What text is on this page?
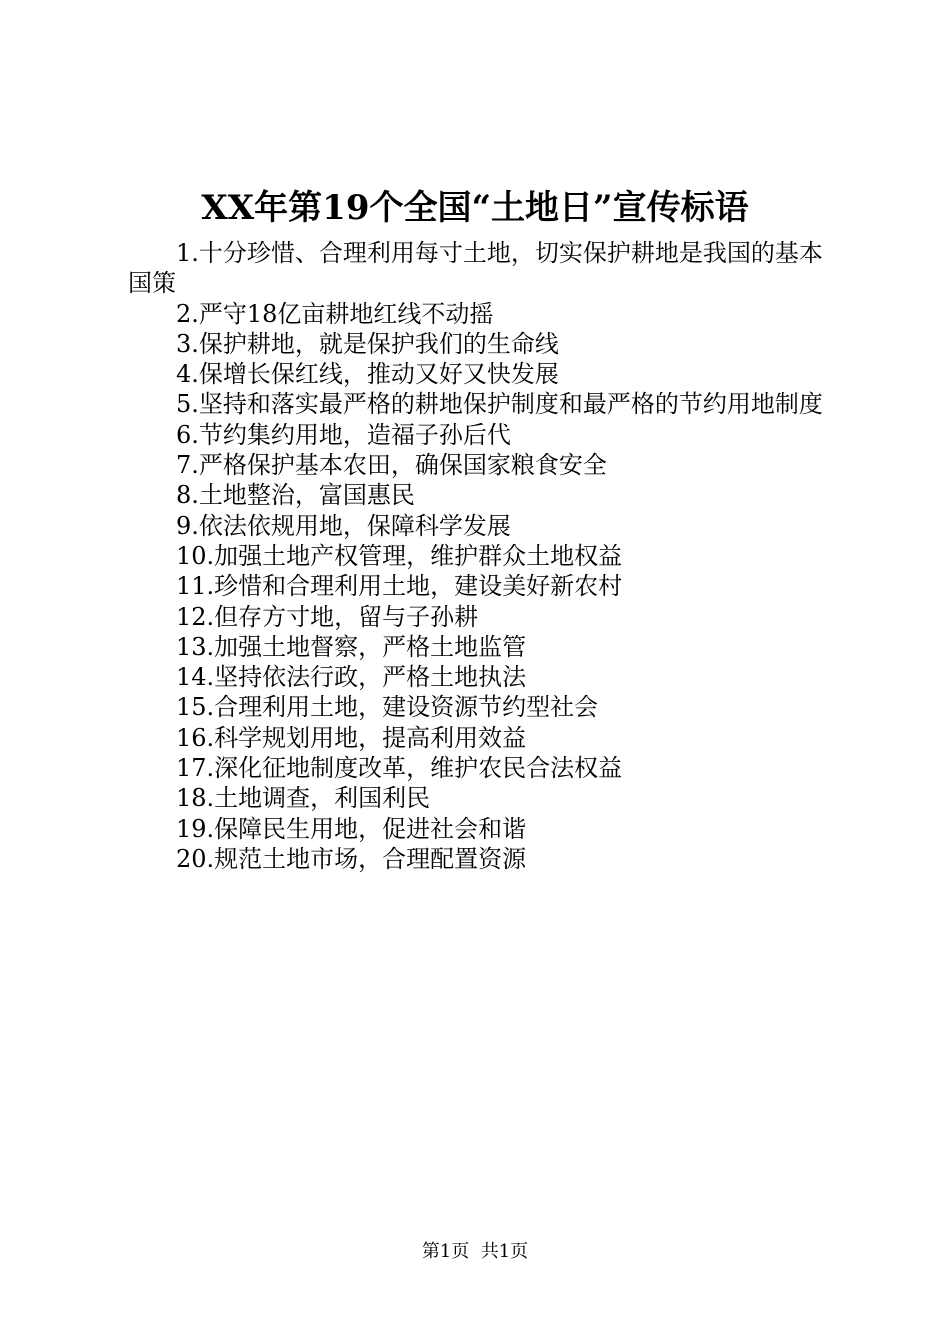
XX年第19个全国“土地日”宣传标语
1.十分珍惜、合理利用每寸土地，切实保护耕地是我国的基本国策
2.严守18亿亩耕地红线不动摇
3.保护耕地，就是保护我们的生命线
4.保增长保红线，推动又好又快发展
5.坚持和落实最严格的耕地保护制度和最严格的节约用地制度
6.节约集约用地，造福子孙后代
7.严格保护基本农田，确保国家粮食安全
8.土地整治，富国惠民
9.依法依规用地，保障科学发展
10.加强土地产权管理，维护群众土地权益
11.珍惜和合理利用土地，建设美好新农村
12.但存方寸地，留与子孙耕
13.加强土地督察，严格土地监管
14.坚持依法行政，严格土地执法
15.合理利用土地，建设资源节约型社会
16.科学规划用地，提高利用效益
17.深化征地制度改革，维护农民合法权益
18.土地调查，利国利民
19.保障民生用地，促进社会和谐
20.规范土地市场，合理配置资源
第1页  共1页
